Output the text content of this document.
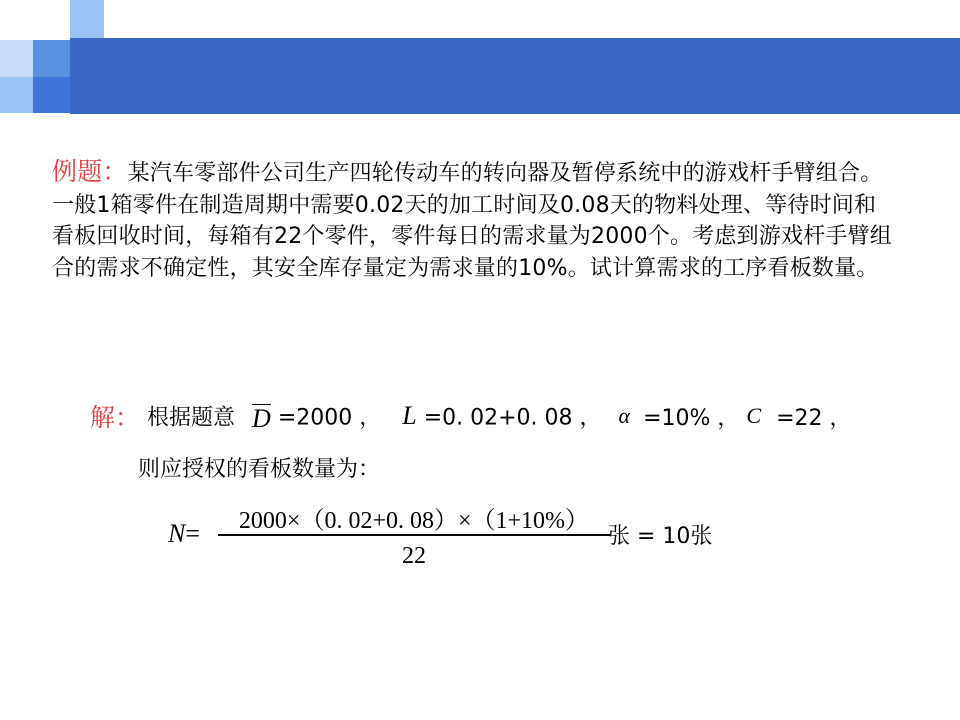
例题：某汽车零部件公司生产四轮传动车的转向器及暂停系统中的游戏杆手臂组合。一般1箱零件在制造周期中需要0.02天的加工时间及0.08天的物料处理、等待时间和看板回收时间，每箱有22个零件，零件每日的需求量为2000个。考虑到游戏杆手臂组合的需求不确定性，其安全库存量定为需求量的10%。试计算需求的工序看板数量。
解： 根据题意 D =2000 ， L =0. 02+0. 08 ， α =10% ， C =22 ，
则应授权的看板数量为：
N=	2000×（0. 02+0. 08）×（1+10%）
22
张 = 10张
